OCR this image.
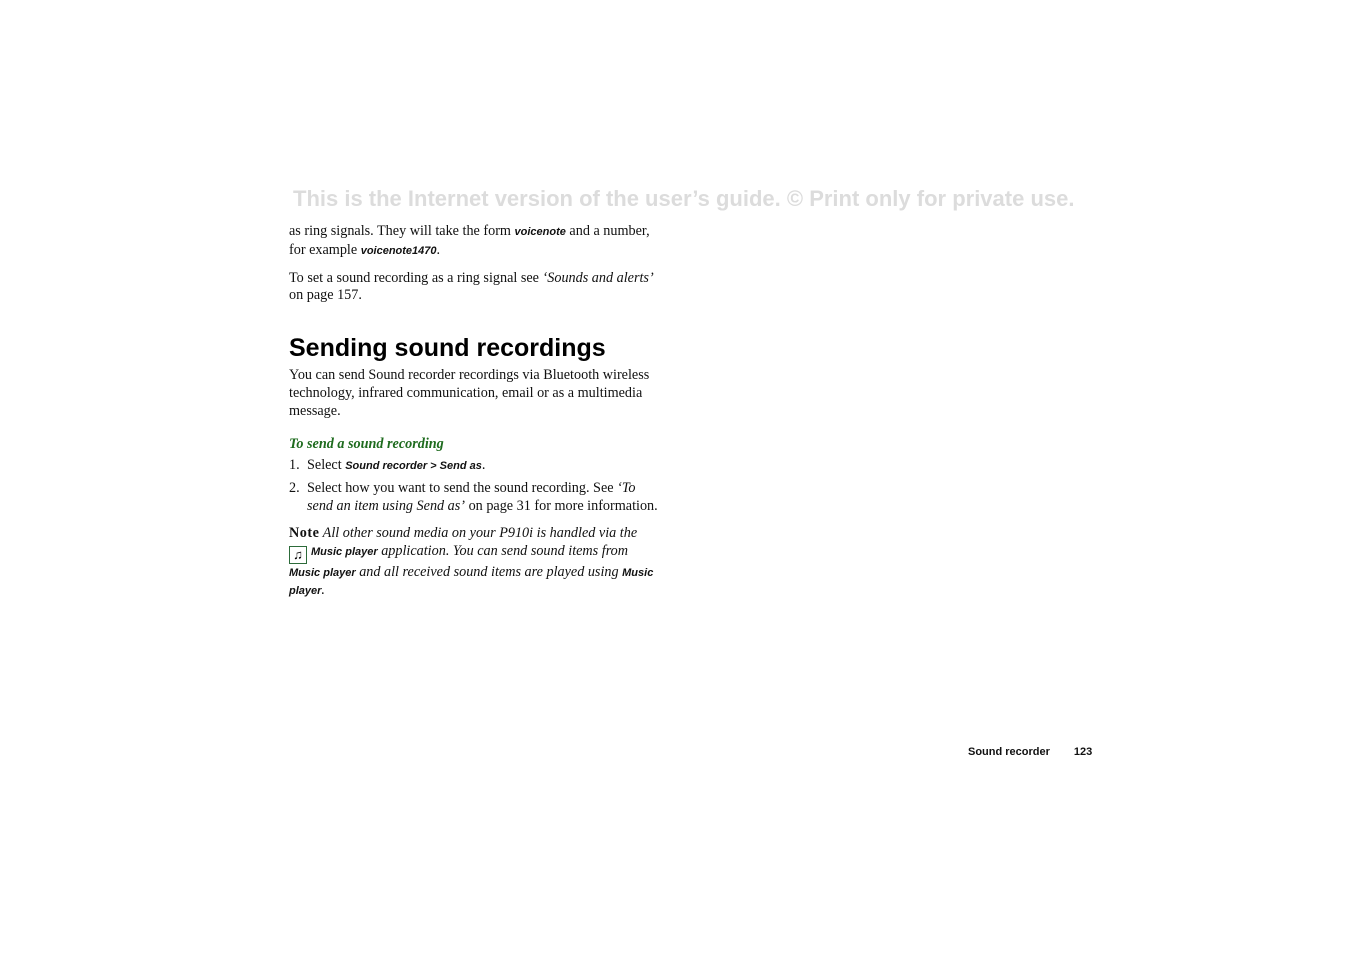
This is the Internet version of the user’s guide. © Print only for private use.

as ring signals. They will take the form voicenote and a number, for example voicenote1470.

To set a sound recording as a ring signal see ‘Sounds and alerts’ on page 157.

Sending sound recordings

You can send Sound recorder recordings via Bluetooth wireless technology, infrared communication, email or as a multimedia message.

To send a sound recording

1. Select Sound recorder > Send as.
2. Select how you want to send the sound recording. See ‘To send an item using Send as’ on page 31 for more information.

Note All other sound media on your P910i is handled via the ♫ Music player application. You can send sound items from Music player and all received sound items are played using Music player.

Sound recorder 123
